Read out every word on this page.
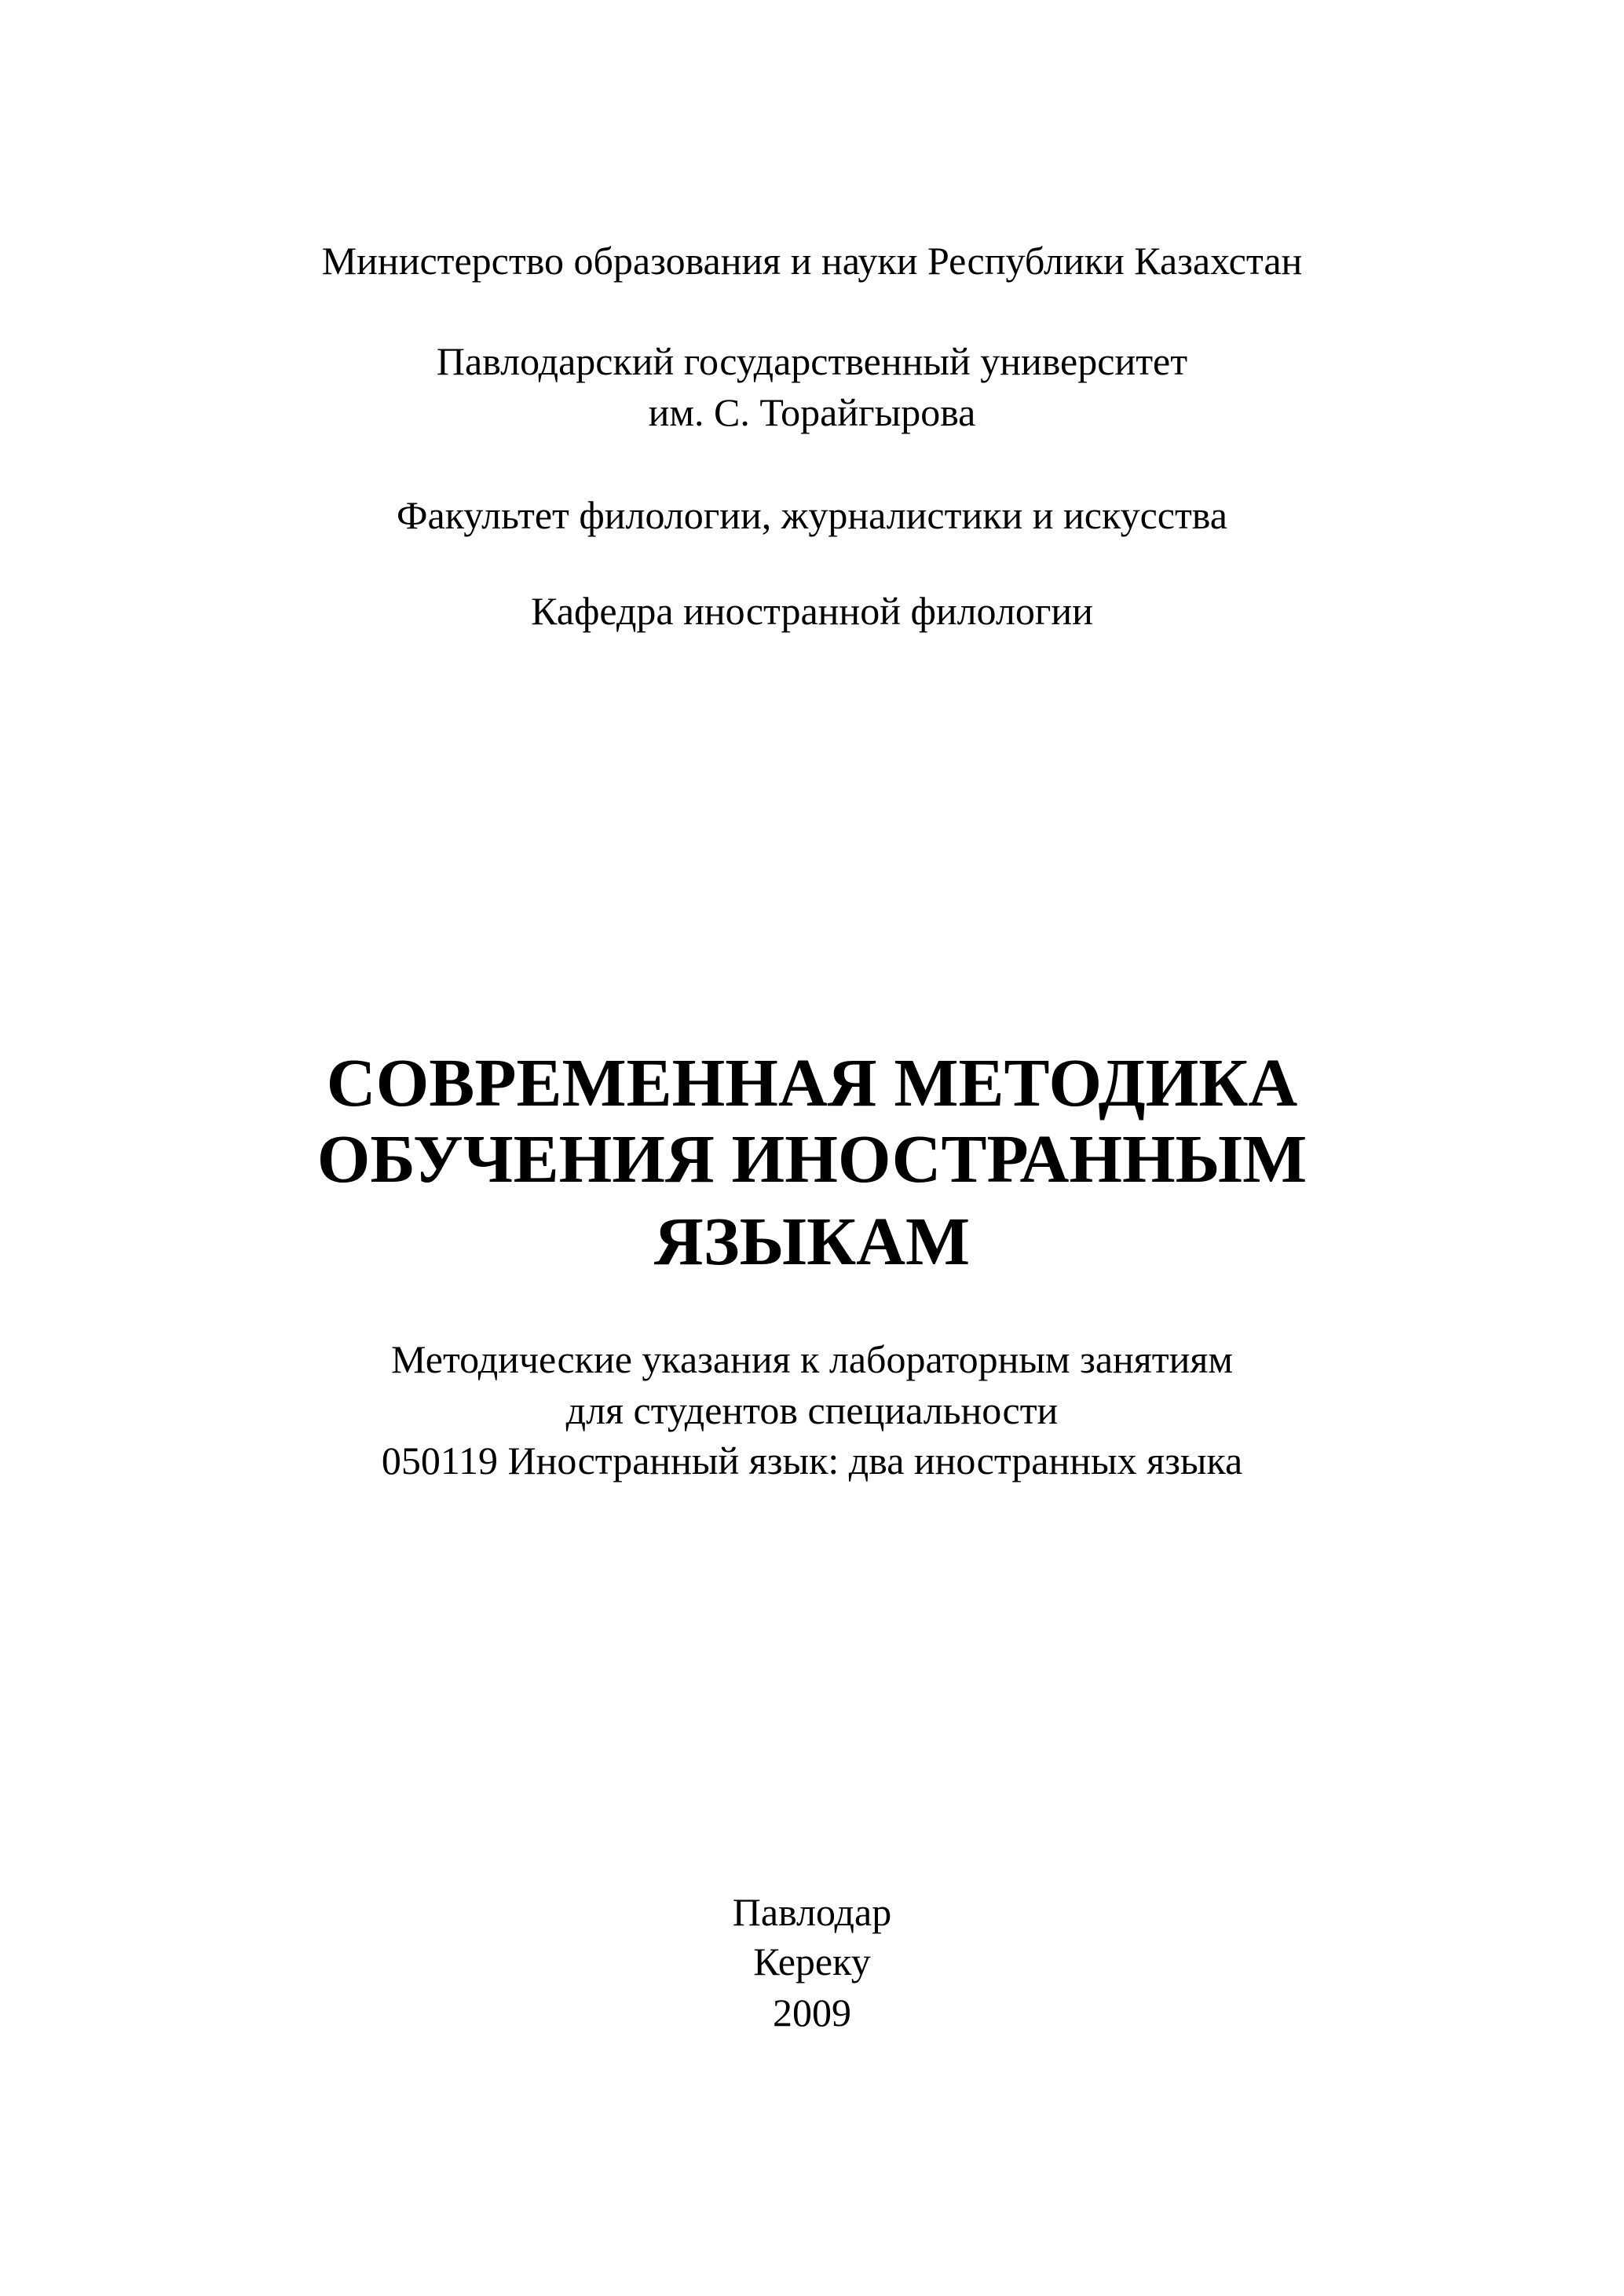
Министерство образования и науки Республики Казахстан
Павлодарский государственный университет
им. С. Торайгырова
Факультет филологии, журналистики и искусства
Кафедра иностранной филологии
СОВРЕМЕННАЯ МЕТОДИКА
ОБУЧЕНИЯ ИНОСТРАННЫМ
ЯЗЫКАМ
Методические указания к лабораторным занятиям
для студентов специальности
050119 Иностранный язык: два иностранных языка
Павлодар
Кереку
2009
